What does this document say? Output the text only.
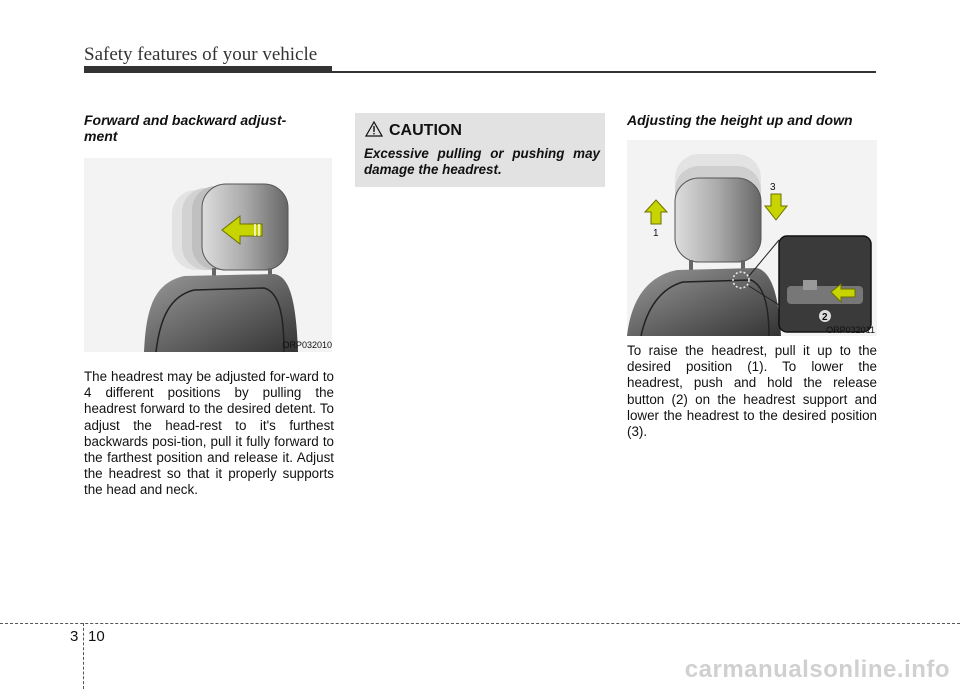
Safety features of your vehicle
Forward and backward adjust-
ment
ORP032010
The headrest may be adjusted for-ward to 4 different positions by pulling the headrest forward to the desired detent. To adjust the head-rest to it's furthest backwards posi-tion, pull it fully forward to the farthest position and release it. Adjust the headrest so that it properly supports the head and neck.
CAUTION
Excessive pulling or pushing may damage the headrest.
Adjusting the height up and down
1
3
2
ORP032011
To raise the headrest, pull it up to the desired position (1). To lower the headrest, push and hold the release button (2) on the headrest support and lower the headrest to the desired position (3).
3 10
carmanualsonline.info
